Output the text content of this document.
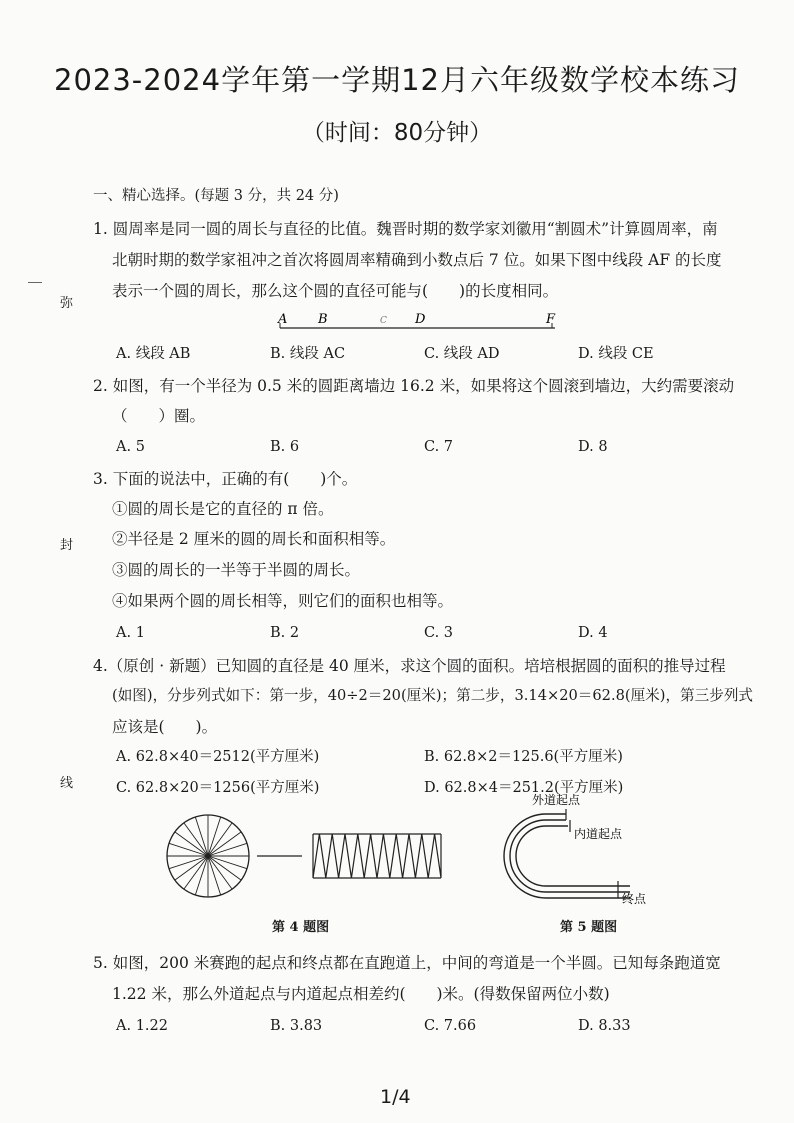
2023-2024学年第一学期12月六年级数学校本练习
（时间：80分钟）
弥
封
线
一、精心选择。(每题 3 分，共 24 分)
1. 圆周率是同一圆的周长与直径的比值。魏晋时期的数学家刘徽用“割圆术”计算圆周率，南
北朝时期的数学家祖冲之首次将圆周率精确到小数点后 7 位。如果下图中线段 AF 的长度
表示一个圆的周长，那么这个圆的直径可能与(　　)的长度相同。
A B	C D	F
A. 线段 AB	B. 线段 AC	C. 线段 AD	D. 线段 CE
2. 如图，有一个半径为 0.5 米的圆距离墙边 16.2 米，如果将这个圆滚到墙边，大约需要滚动
（　　）圈。
A. 5	B. 6	C. 7	D. 8
3. 下面的说法中，正确的有(　　)个。
①圆的周长是它的直径的 π 倍。
②半径是 2 厘米的圆的周长和面积相等。
③圆的周长的一半等于半圆的周长。
④如果两个圆的周长相等，则它们的面积也相等。
A. 1	B. 2	C. 3	D. 4
4.（原创 · 新题）已知圆的直径是 40 厘米，求这个圆的面积。培培根据圆的面积的推导过程
(如图)，分步列式如下：第一步，40÷2＝20(厘米)；第二步，3.14×20＝62.8(厘米)，第三步列式
应该是(　　)。
A. 62.8×40＝2512(平方厘米)	B. 62.8×2＝125.6(平方厘米)
C. 62.8×20＝1256(平方厘米)	D. 62.8×4＝251.2(平方厘米)
第 4 题图
外道起点
内道起点
终点
第 5 题图
5. 如图，200 米赛跑的起点和终点都在直跑道上，中间的弯道是一个半圆。已知每条跑道宽
1.22 米，那么外道起点与内道起点相差约(　　)米。(得数保留两位小数)
A. 1.22	B. 3.83	C. 7.66	D. 8.33
1/4
